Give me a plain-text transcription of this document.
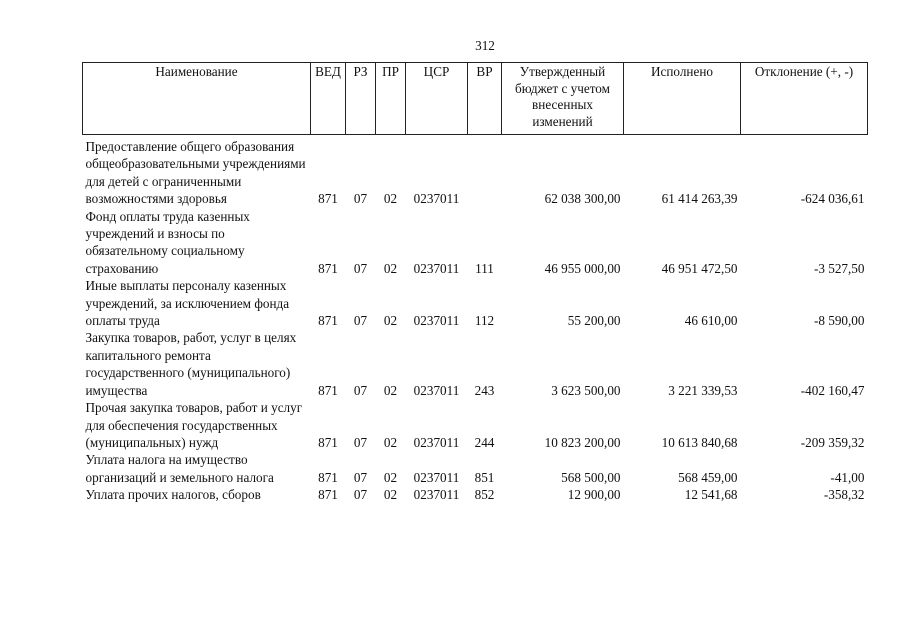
312
Наименование	ВЕД	РЗ	ПР	ЦСР	ВР	Утвержденный бюджет с учетом внесенных изменений	Исполнено	Отклонение (+, -)
Предоставление общего образования общеобразовательными учреждениями для детей с ограниченными возможностями здоровья	871	07	02	0237011		62 038 300,00	61 414 263,39	-624 036,61
Фонд оплаты труда казенных учреждений и взносы по обязательному социальному страхованию	871	07	02	0237011	111	46 955 000,00	46 951 472,50	-3 527,50
Иные выплаты персоналу казенных учреждений, за исключением фонда оплаты труда	871	07	02	0237011	112	55 200,00	46 610,00	-8 590,00
Закупка товаров, работ, услуг в целях капитального ремонта государственного (муниципального) имущества	871	07	02	0237011	243	3 623 500,00	3 221 339,53	-402 160,47
Прочая закупка товаров, работ и услуг для обеспечения государственных (муниципальных) нужд	871	07	02	0237011	244	10 823 200,00	10 613 840,68	-209 359,32
Уплата налога на имущество организаций и земельного налога	871	07	02	0237011	851	568 500,00	568 459,00	-41,00
Уплата прочих налогов, сборов	871	07	02	0237011	852	12 900,00	12 541,68	-358,32
